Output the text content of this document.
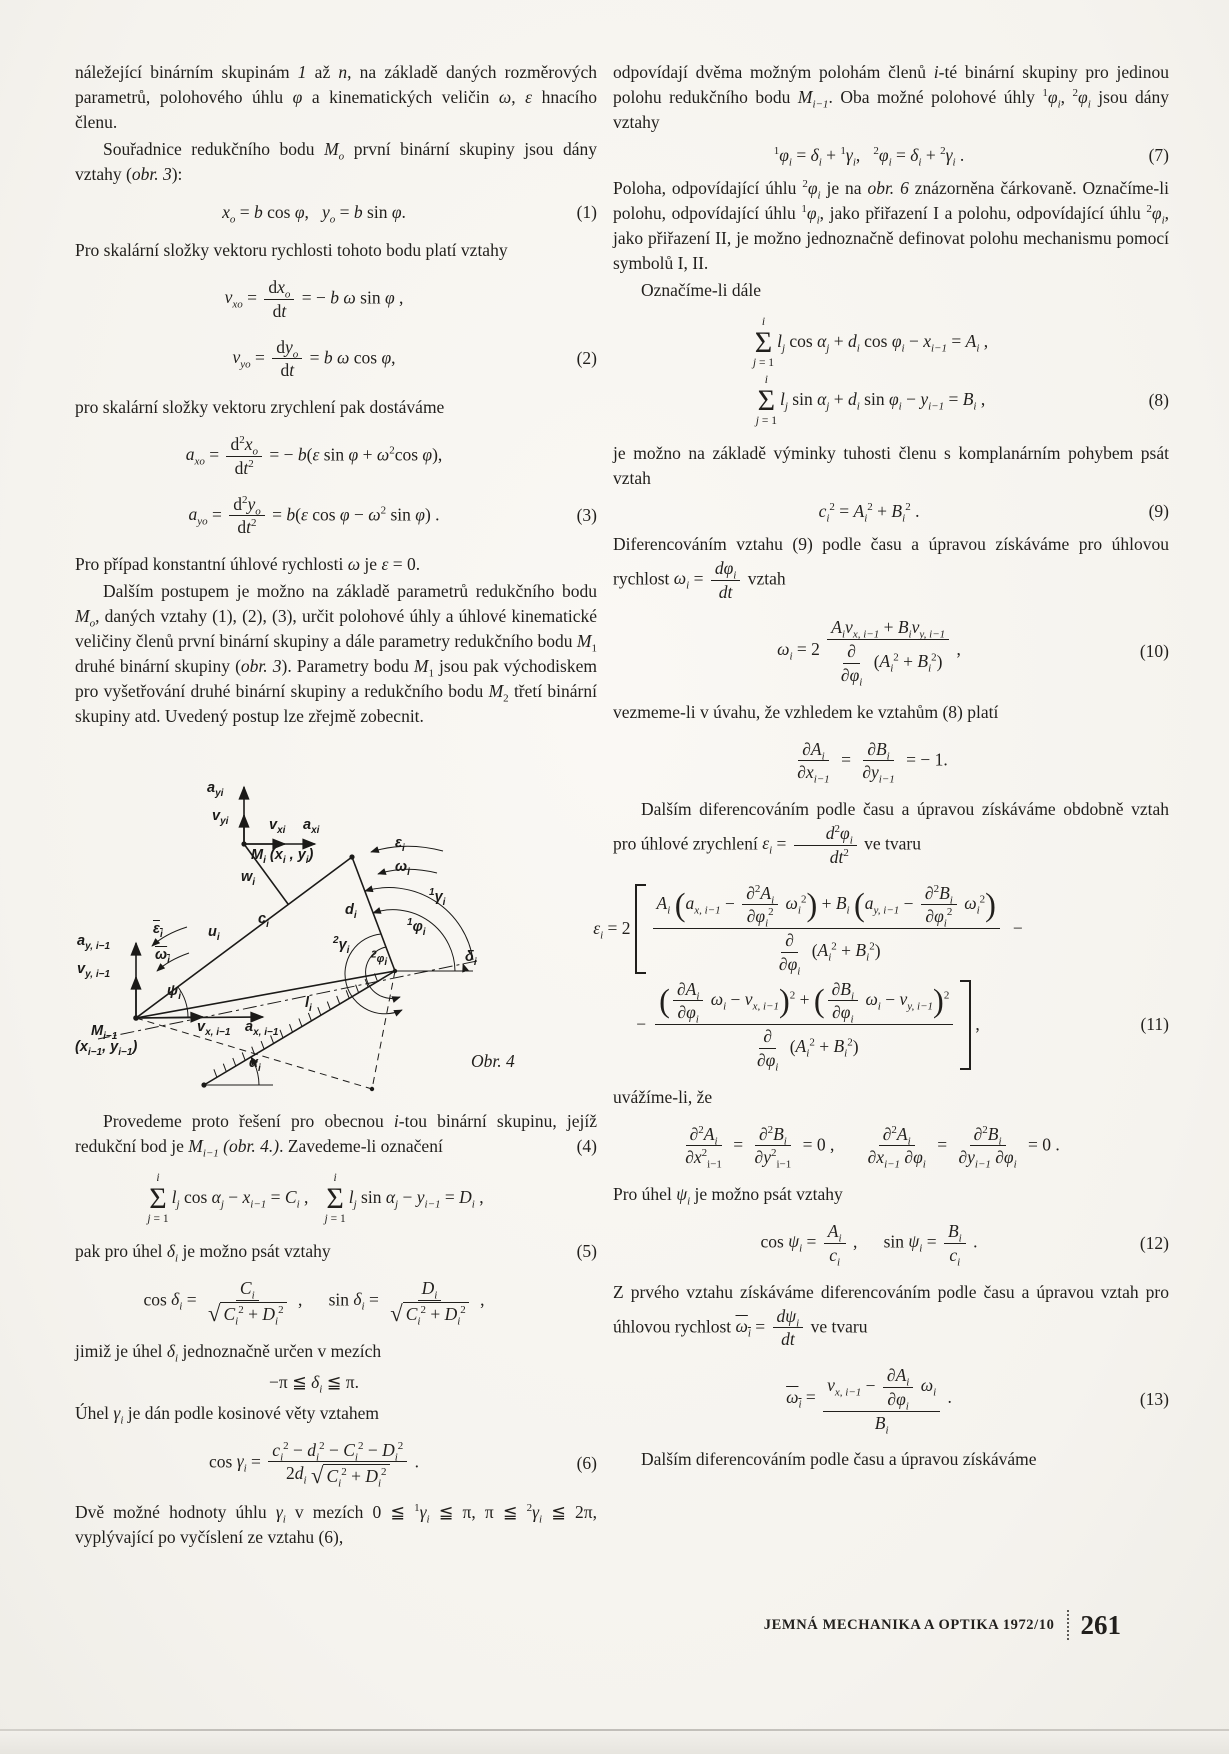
náležející binárním skupinám 1 až n, na základě daných rozměrových parametrů, polohového úhlu φ a kinematických veličin ω, ε hnacího členu.

Souřadnice redukčního bodu $M_o$ první binární skupiny jsou dány vztahy (obr. 3):

$x_o = b$ cos φ,  $y_o = b$ sin φ.	(1)

Pro skalární složky vektoru rychlosti tohoto bodu platí vztahy

$v_{xo}$ =
$dx_o$
dt
= − b ω sin φ ,
$v_{yo}$ =
$dy_o$
dt
= b ω cos φ,	(2)

pro skalární složky vektoru zrychlení pak dostáváme

$a_{xo} = \frac{d^2x_o}{dt^2}$ = − b(ε $\sin \varphi + \omega^2\cos$ φ),
$a_{yo} = \frac{d^2y_o}{dt^2} = b(\varepsilon$ $\cos \varphi - \omega^2$ sin φ) .	(3)

Pro případ konstantní úhlové rychlosti ω je ε = 0.

Dalším postupem je možno na základě parametrů redukčního bodu $M_o$, daných vztahy (1), (2), (3), určit polohové úhly a úhlové kinematické veličiny členů první binární skupiny a dále parametry redukčního bodu $M_1$ druhé binární skupiny (obr. 3). Parametry bodu $M_1$ jsou pak východiskem pro vyšetřování druhé binární skupiny a redukčního bodu $M_2$ třetí binární skupiny atd. Uvedený postup lze zřejmě zobecnit.

$a_{yi}$
$v_{yi}$	$v_{xi}$ $a_{xi}$
$M_i$ ($x_i$ , $y_i$)
$w_i$
$\varepsilon_i$
$\omega_i$
$^1\gamma_i$
$^1\varphi_i$
$^2\gamma_i$ $^2\varphi_i$	$\delta_i$
$d_i$
$c_i$
$u_i$
$\varepsilon_i$
$\omega_i$
$a_{y, i-1}$
$v_{y, i-1}$
$\psi_i$
$M_{i-1}$
($x_{i-1}$, $y_{i-1}$)
$v_{x, i-1}$ $a_{x, i-1}$
$l_i$
$\alpha_i$	Obr. 4

Provedeme proto řešení pro obecnou i-tou binární skupinu, jejíž redukční bod je $M_{i-1}$ (obr. 4.). Zavedeme-li označení	(4)

i
Σ
j = 1
$l_j$ $\cos \alpha_j - x_{i-1} = C_i$ ,  
i
Σ
j = 1
$l_j$ $\sin \alpha_j - y_{i-1} = D_i$ ,

pak pro úhel $\delta_i$ je možno psát vztahy	(5)

$\cos \delta_i = \frac{C_i}{√ C_i^2 + D_i^2}$ ,   $\sin \delta_i = \frac{D_i}{√ C_i^2 + D_i^2}$ ,

jimiž je úhel $\delta_i$ jednoznačně určen v mezích

−π ≦ $\delta_i$ ≦ π.

Úhel $\gamma_i$ je dán podle kosinové věty vztahem

$\cos \gamma_i = \frac{c_i^2 - d_i^2 - C_i^2 - D_i^2}{2d_i √ C_i^2 + D_i^2}$ .	(6)

Dvě možné hodnoty úhlu $\gamma_i$ v mezích 0 ≦ $^1\gamma_i$ ≦ π, π ≦ $^2\gamma_i$ ≦ 2π, vyplývající po vyčíslení ze vztahu (6),

odpovídají dvěma možným polohám členů i-té binární skupiny pro jedinou polohu redukčního bodu $M_{i-1}$. Oba možné polohové úhly $^1\varphi_i$, $^2\varphi_i$ jsou dány vztahy

$^1\varphi_i = \delta_i + ^1\gamma_i$,  $^2\varphi_i = \delta_i + ^2\gamma_i$ .	(7)

Poloha, odpovídající úhlu $^2\varphi_i$ je na obr. 6 znázorněna čárkovaně. Označíme-li polohu, odpovídající úhlu $^1\varphi_i$, jako přiřazení I a polohu, odpovídající úhlu $^2\varphi_i$, jako přiřazení II, je možno jednoznačně definovat polohu mechanismu pomocí symbolů I, II.

Označíme-li dále

i
Σ
j = 1
$l_j$ $\cos \alpha_j + d_i$ $\cos \varphi_i - x_{i-1} = A_i$ ,
i
Σ
j = 1
$l_j$ $\sin \alpha_j + d_i$ $\sin \varphi_i - y_{i-1} = B_i$ ,	(8)

je možno na základě výminky tuhosti členu s komplanárním pohybem psát vztah

$c_i^2 = A_i^2 + B_i^2$ .	(9)

Diferencováním vztahu (9) podle času a úpravou získáváme pro úhlovou rychlost $\omega_i$ =
$d\varphi_i$
dt
vztah

$\omega_i = 2$
$A_iv_{x, i-1} + B_iv_{y, i-1}$
∂
$\partial\varphi_i$
$(A_i^2 + B_i^2)$
,	(10)

vezmeme-li v úvahu, že vzhledem ke vztahům (8) platí

$\frac{\partial A_i}{\partial x_{i-1}} = \frac{\partial B_i}{\partial y_{i-1}}$ = − 1.

Dalším diferencováním podle času a úpravou získáváme obdobně vztah pro úhlové zrychlení $\varepsilon_i = \frac{d^2\varphi_i}{dt^2}$ ve tvaru

$\varepsilon_i = 2$ $A_i$ $(a_{x, i-1} - \frac{\partial^2A_i}{\partial\varphi_i^2} \omega_i^2) + B_i$ $(a_{y, i-1} - \frac{\partial^2B_i}{\partial\varphi_i^2} \omega_i^2)$
∂
$\partial\varphi_i$
$(A_i^2 + B_i^2)$ −
− ( $\frac{\partial A_i}{\partial\varphi_i} \omega_i - v_{x, i-1})^2$ + ( $\frac{\partial B_i}{\partial\varphi_i} \omega_i - v_{y, i-1})^2$
∂
$\partial\varphi_i$
$(A_i^2 + B_i^2)$ ,	(11)

uvážíme-li, že

$\frac{\partial^2A_i}{\partial x^2_{i-1}} = \frac{\partial^2B_i}{\partial y^2_{i-1}} = 0$ ,   $\frac{\partial^2A_i}{\partial x_{i-1} \partial\varphi_i} = \frac{\partial^2B_i}{\partial y_{i-1} \partial\varphi_i} = 0$ .

Pro úhel $\psi_i$ je možno psát vztahy

$\cos \psi_i = \frac{A_i}{c_i}$ ,   $\sin \psi_i = \frac{B_i}{c_i}$ .	(12)

Z prvého vztahu získáváme diferencováním podle času a úpravou vztah pro úhlovou rychlost $\omega_i$ =
$d\psi_i$
dt
ve tvaru

$\omega_i = \frac{v_{x, i-1} - \frac{\partial A_i}{\partial\varphi_i} \omega_i}{B_i}$ .	(13)

Dalším diferencováním podle času a úpravou získáváme

JEMNÁ MECHANIKA A OPTIKA 1972/10 261
